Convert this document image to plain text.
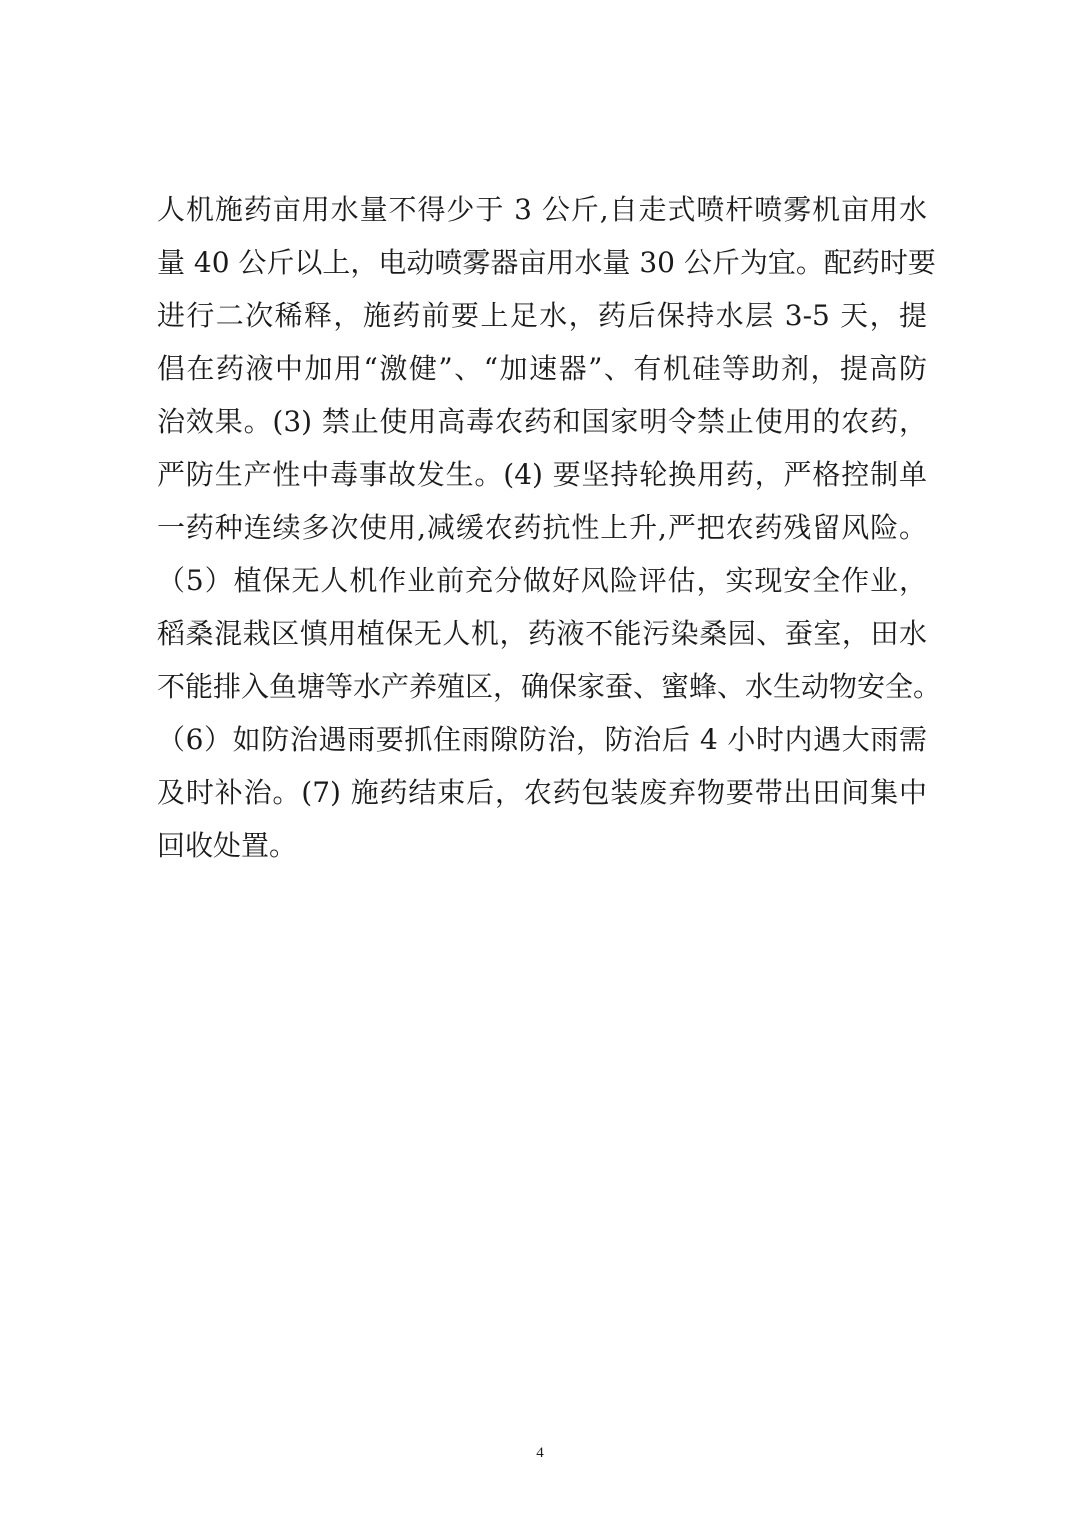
人机施药亩用水量不得少于 3 公斤,自走式喷杆喷雾机亩用水
量 40 公斤以上，电动喷雾器亩用水量 30 公斤为宜。配药时要
进行二次稀释，施药前要上足水，药后保持水层 3-5 天，提
倡在药液中加用“激健”、“加速器”、有机硅等助剂，提高防
治效果。(3) 禁止使用高毒农药和国家明令禁止使用的农药，
严防生产性中毒事故发生。(4) 要坚持轮换用药，严格控制单
一药种连续多次使用,减缓农药抗性上升,严把农药残留风险。
（5）植保无人机作业前充分做好风险评估，实现安全作业，
稻桑混栽区慎用植保无人机，药液不能污染桑园、蚕室，田水
不能排入鱼塘等水产养殖区，确保家蚕、蜜蜂、水生动物安全。
（6）如防治遇雨要抓住雨隙防治，防治后 4 小时内遇大雨需
及时补治。(7) 施药结束后，农药包装废弃物要带出田间集中
回收处置。
4
